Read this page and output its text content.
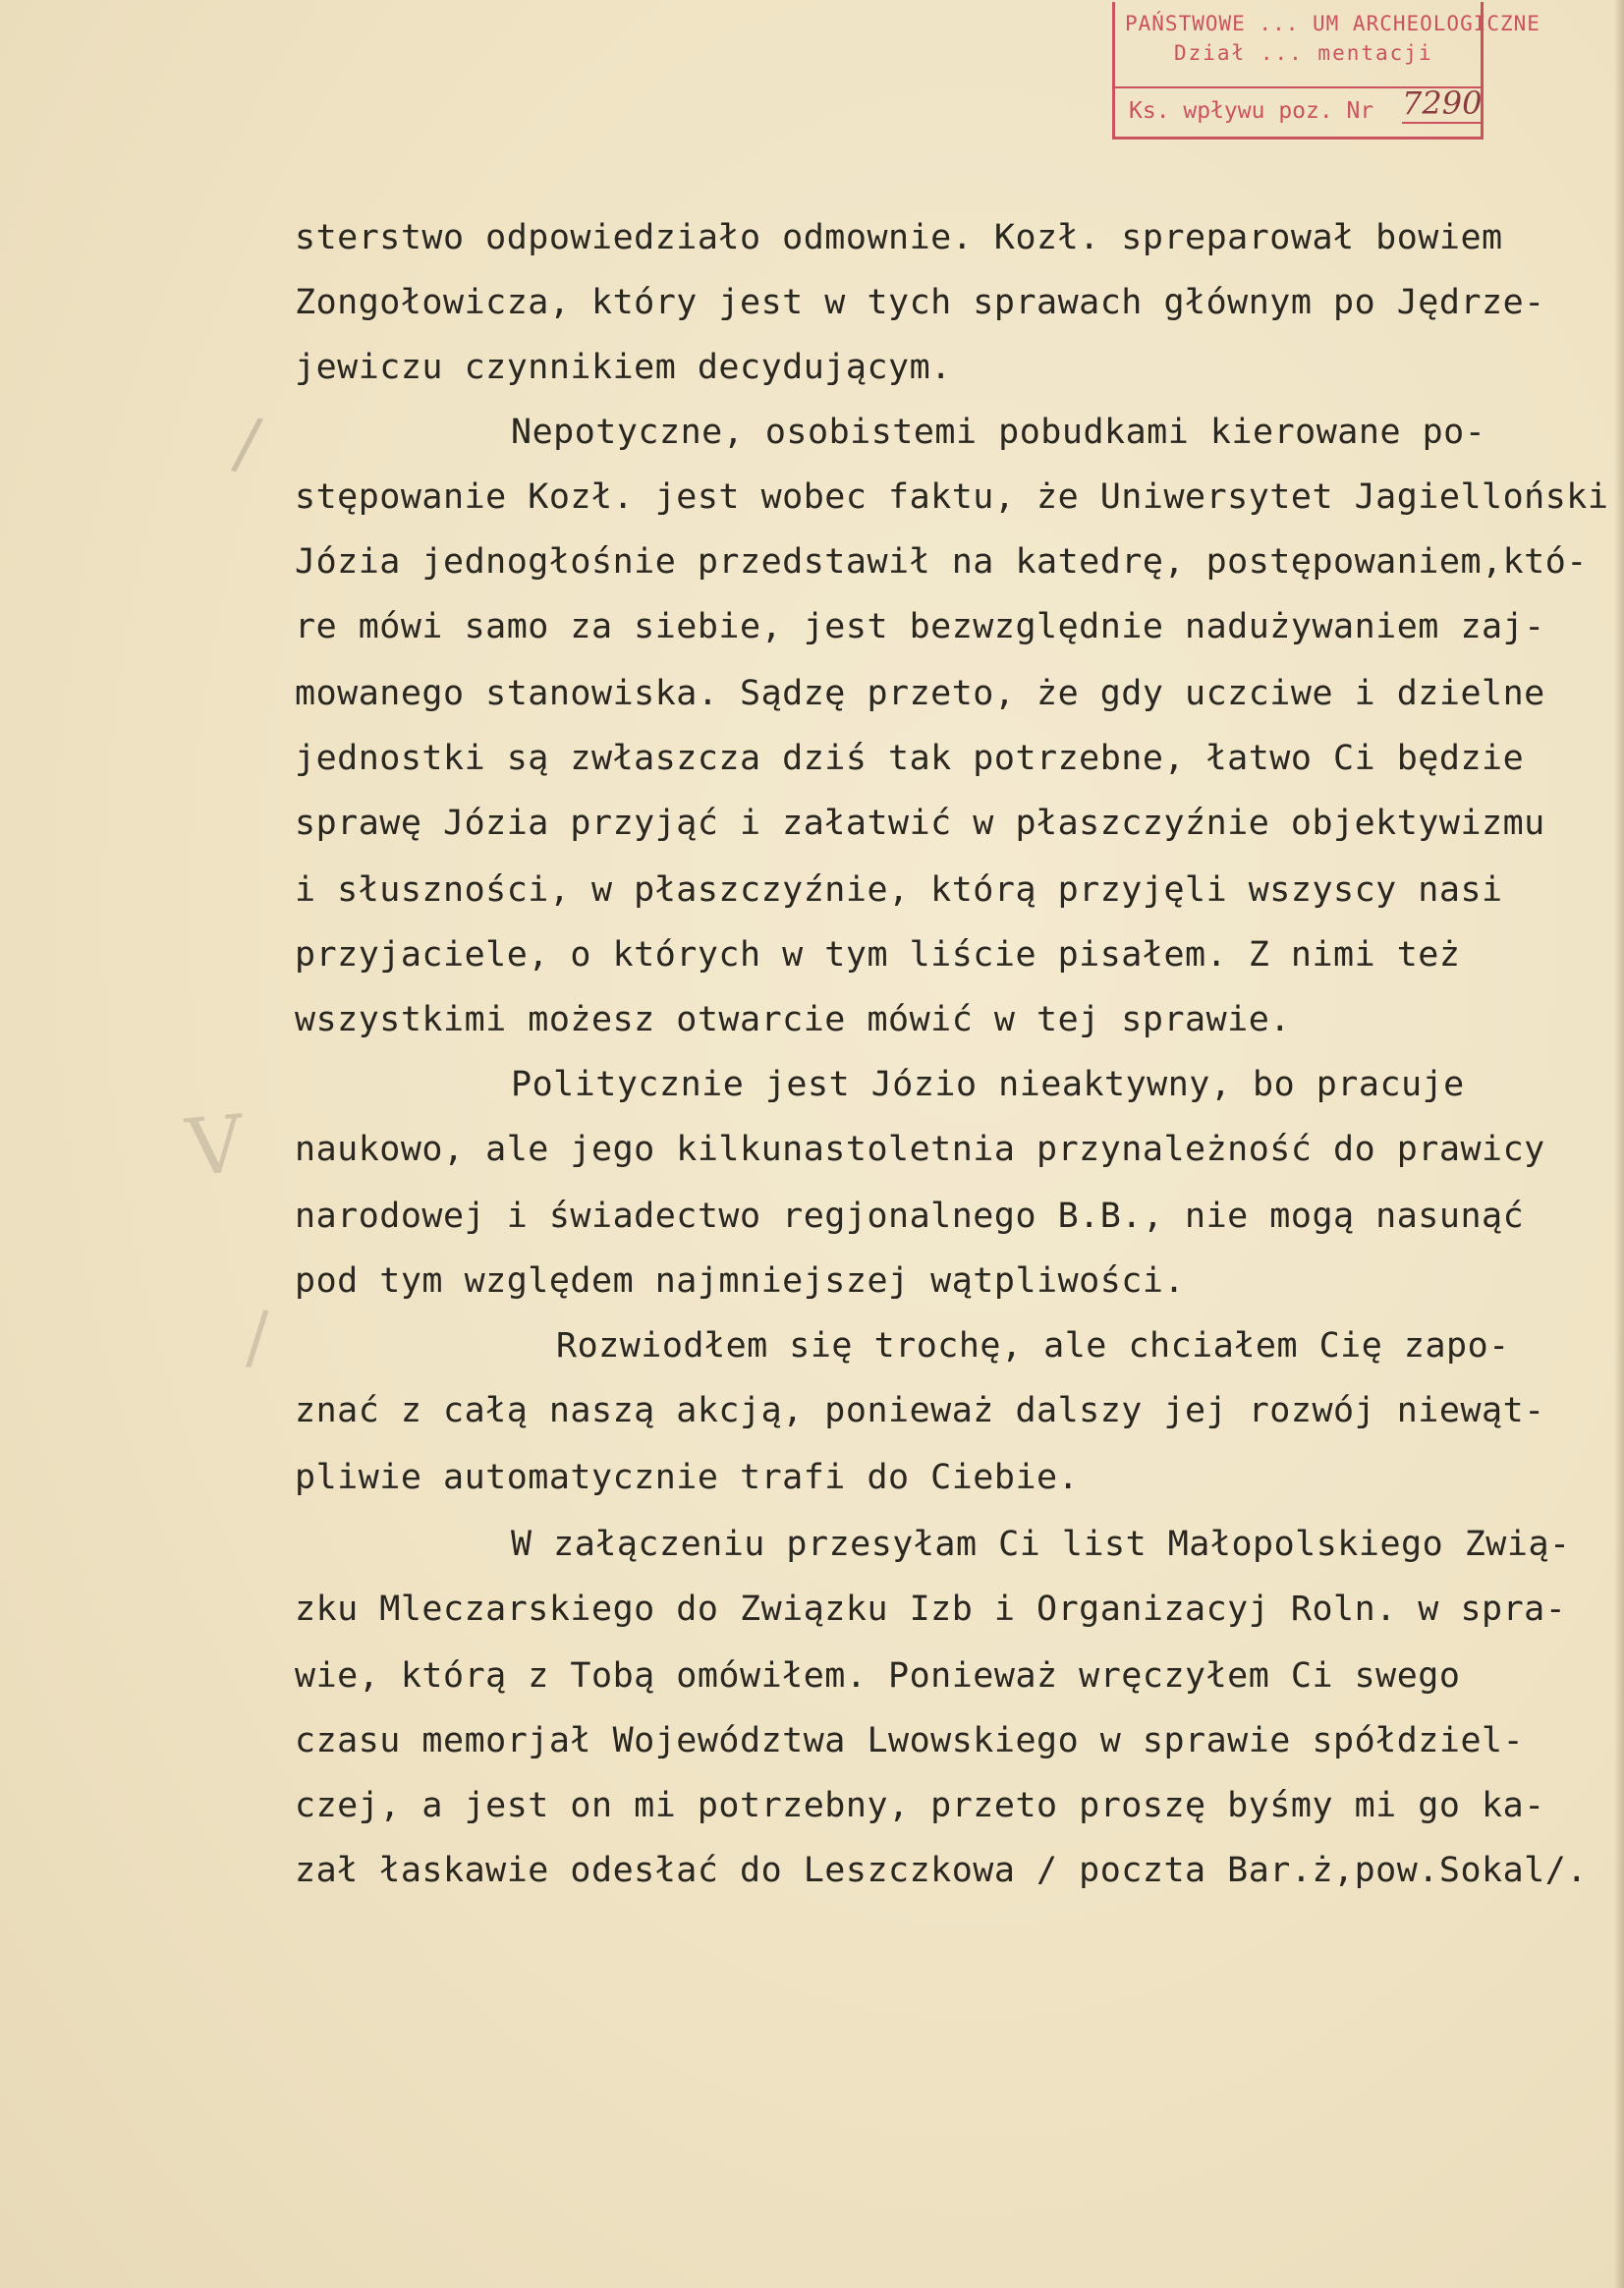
PAŃSTWOWE ... UM ARCHEOLOGICZNE
Dział ... mentacji
Ks. wpływu poz. Nr 7290
/
V
/

sterstwo odpowiedziało odmownie. Kozł. spreparował bowiem

Zongołowicza, który jest w tych sprawach głównym po Jędrze-

jewiczu czynnikiem decydującym.

Nepotyczne, osobistemi pobudkami kierowane po-

stępowanie Kozł. jest wobec faktu, że Uniwersytet Jagielloński

Józia jednogłośnie przedstawił na katedrę, postępowaniem,któ-

re mówi samo za siebie, jest bezwzględnie nadużywaniem zaj-

mowanego stanowiska. Sądzę przeto, że gdy uczciwe i dzielne

jednostki są zwłaszcza dziś tak potrzebne, łatwo Ci będzie

sprawę Józia przyjąć i załatwić w płaszczyźnie objektywizmu

i słuszności, w płaszczyźnie, którą przyjęli wszyscy nasi

przyjaciele, o których w tym liście pisałem. Z nimi też

wszystkimi możesz otwarcie mówić w tej sprawie.

Politycznie jest Józio nieaktywny, bo pracuje

naukowo, ale jego kilkunastoletnia przynależność do prawicy

narodowej i świadectwo regjonalnego B.B., nie mogą nasunąć

pod tym względem najmniejszej wątpliwości.

Rozwiodłem się trochę, ale chciałem Cię zapo-

znać z całą naszą akcją, ponieważ dalszy jej rozwój niewąt-

pliwie automatycznie trafi do Ciebie.

W załączeniu przesyłam Ci list Małopolskiego Zwią-

zku Mleczarskiego do Związku Izb i Organizacyj Roln. w spra-

wie, którą z Tobą omówiłem. Ponieważ wręczyłem Ci swego

czasu memorjał Województwa Lwowskiego w sprawie spółdziel-

czej, a jest on mi potrzebny, przeto proszę byśmy mi go ka-

zał łaskawie odesłać do Leszczkowa / poczta Bar.ż,pow.Sokal/.
